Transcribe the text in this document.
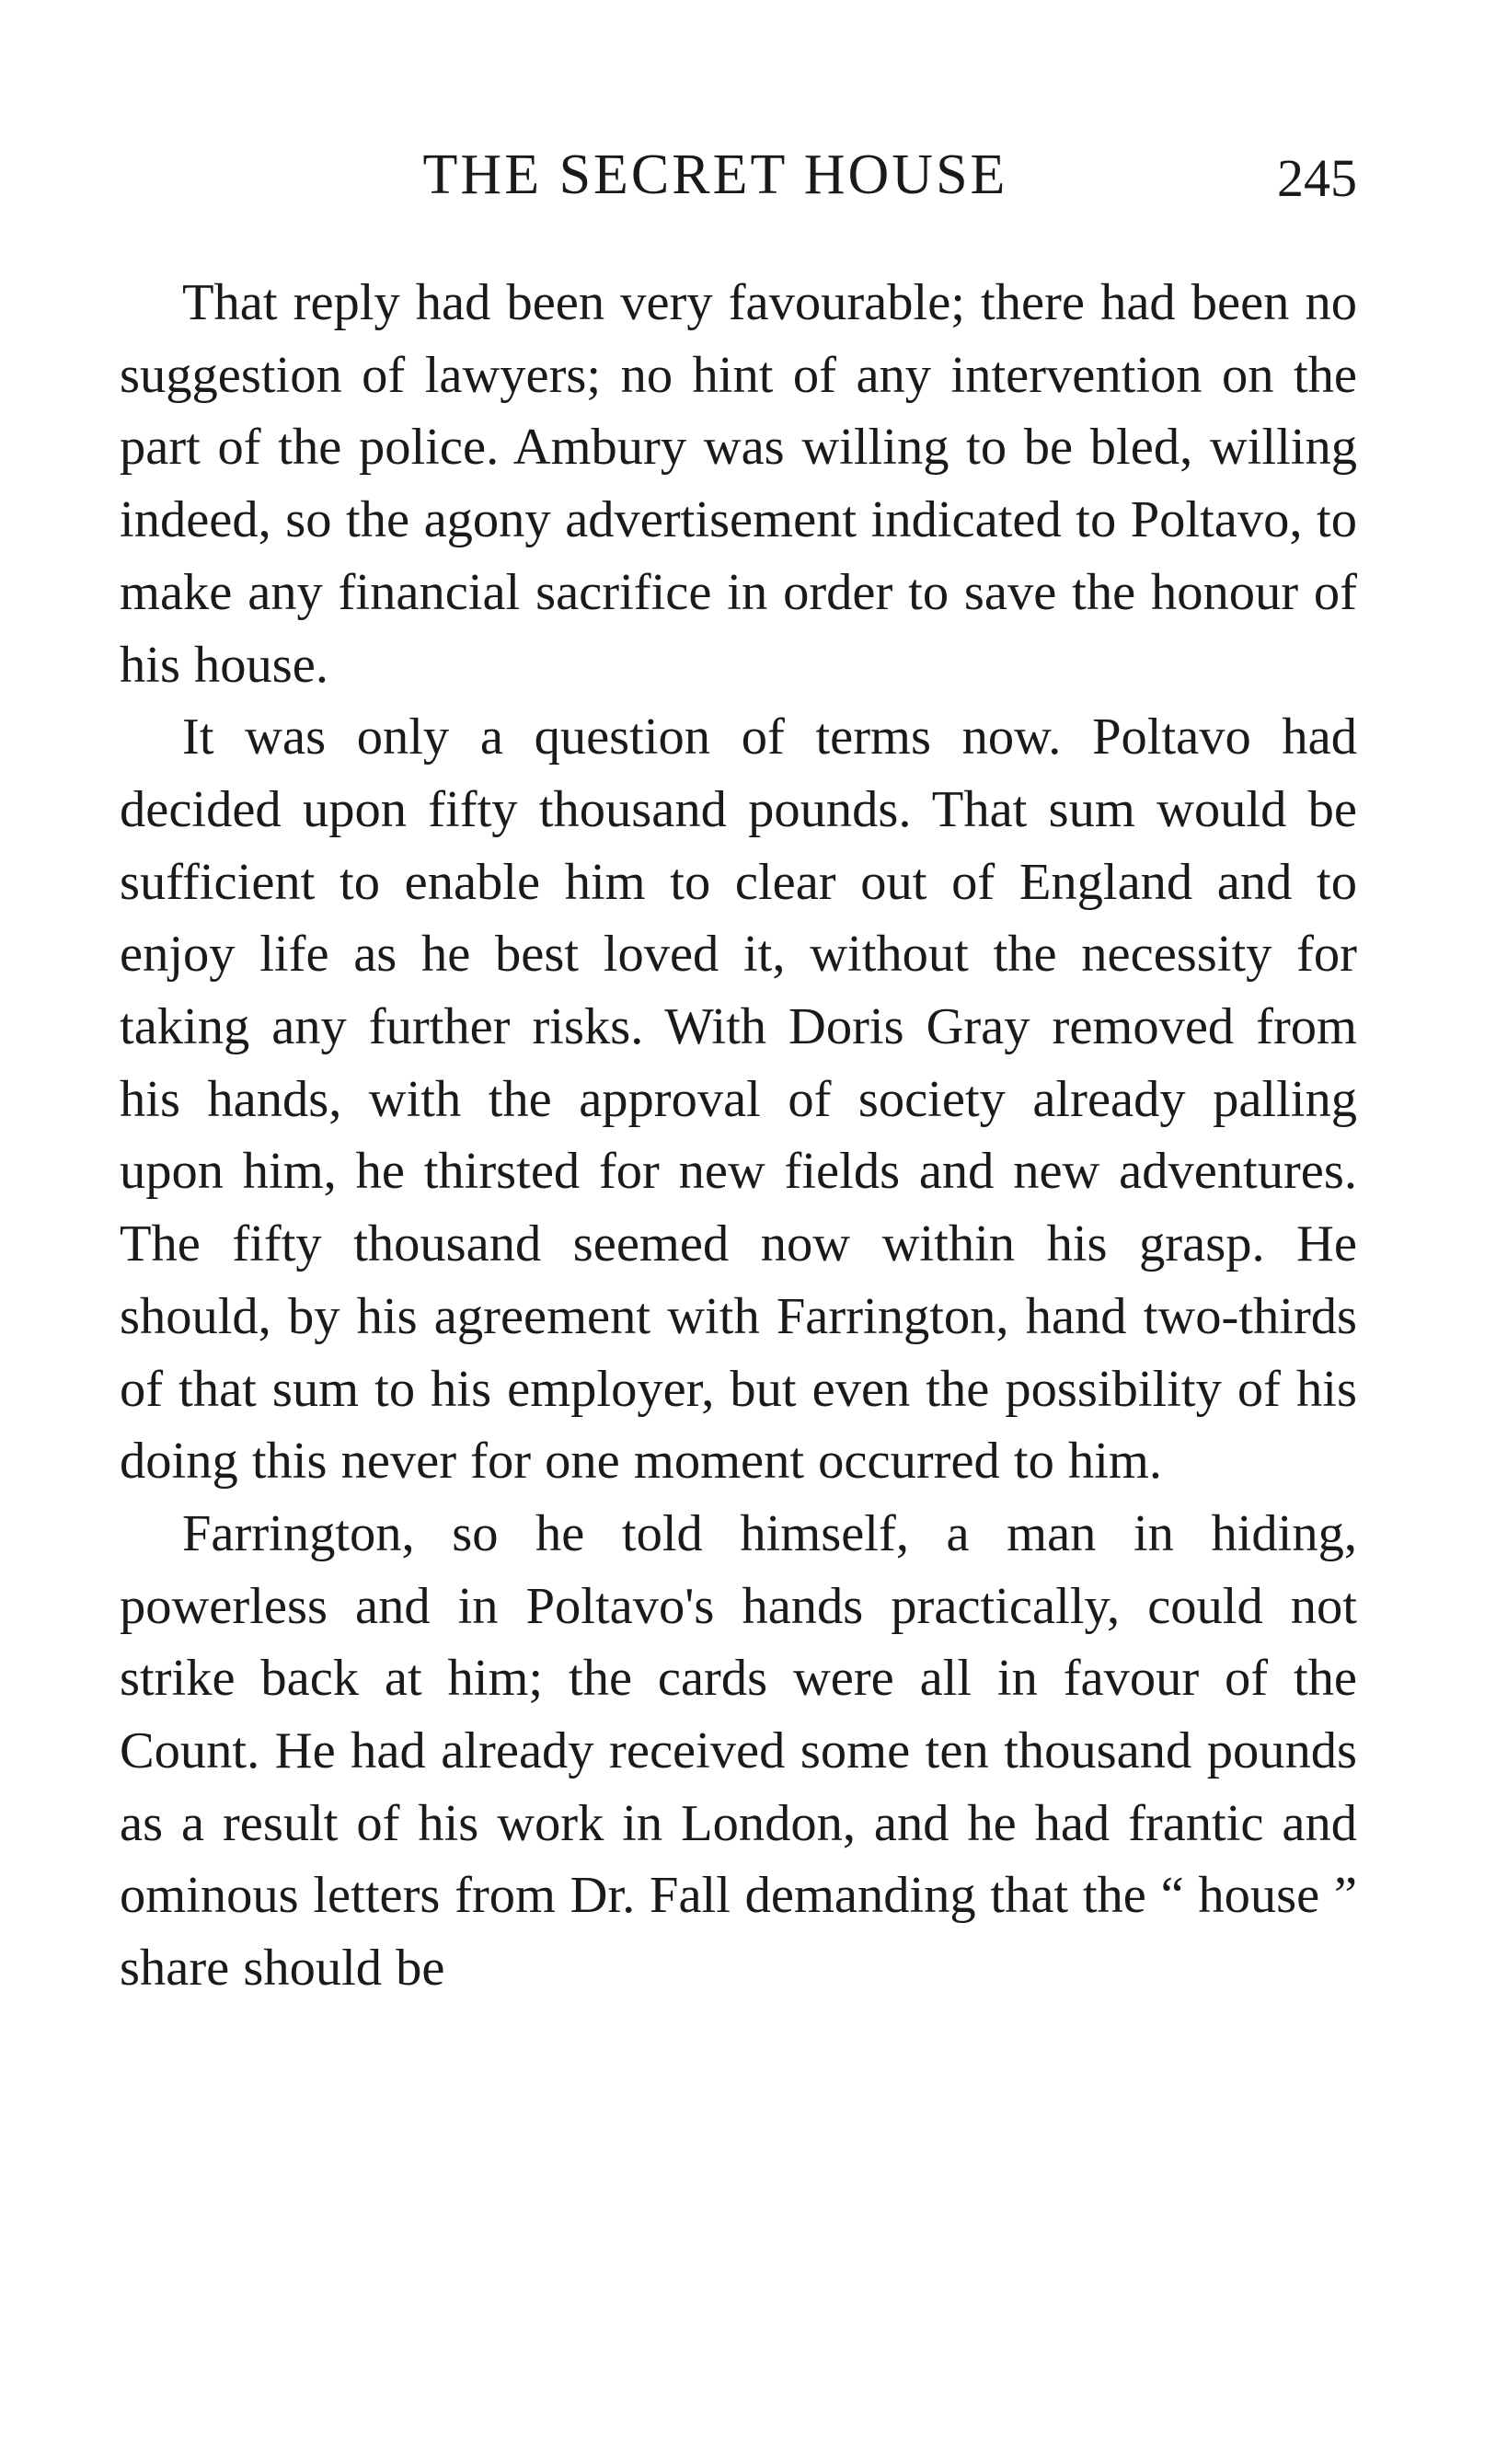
THE SECRET HOUSE	245

That reply had been very favourable; there had been no suggestion of lawyers; no hint of any intervention on the part of the police. Ambury was willing to be bled, willing indeed, so the agony advertisement indicated to Poltavo, to make any financial sacrifice in order to save the honour of his house.

It was only a question of terms now. Poltavo had decided upon fifty thousand pounds. That sum would be sufficient to enable him to clear out of England and to enjoy life as he best loved it, without the necessity for taking any further risks. With Doris Gray removed from his hands, with the approval of society already palling upon him, he thirsted for new fields and new adventures. The fifty thousand seemed now within his grasp. He should, by his agreement with Farrington, hand two-thirds of that sum to his employer, but even the possibility of his doing this never for one moment occurred to him.

Farrington, so he told himself, a man in hiding, powerless and in Poltavo's hands practically, could not strike back at him; the cards were all in favour of the Count. He had already received some ten thousand pounds as a result of his work in London, and he had frantic and ominous letters from Dr. Fall demanding that the “ house ” share should be
